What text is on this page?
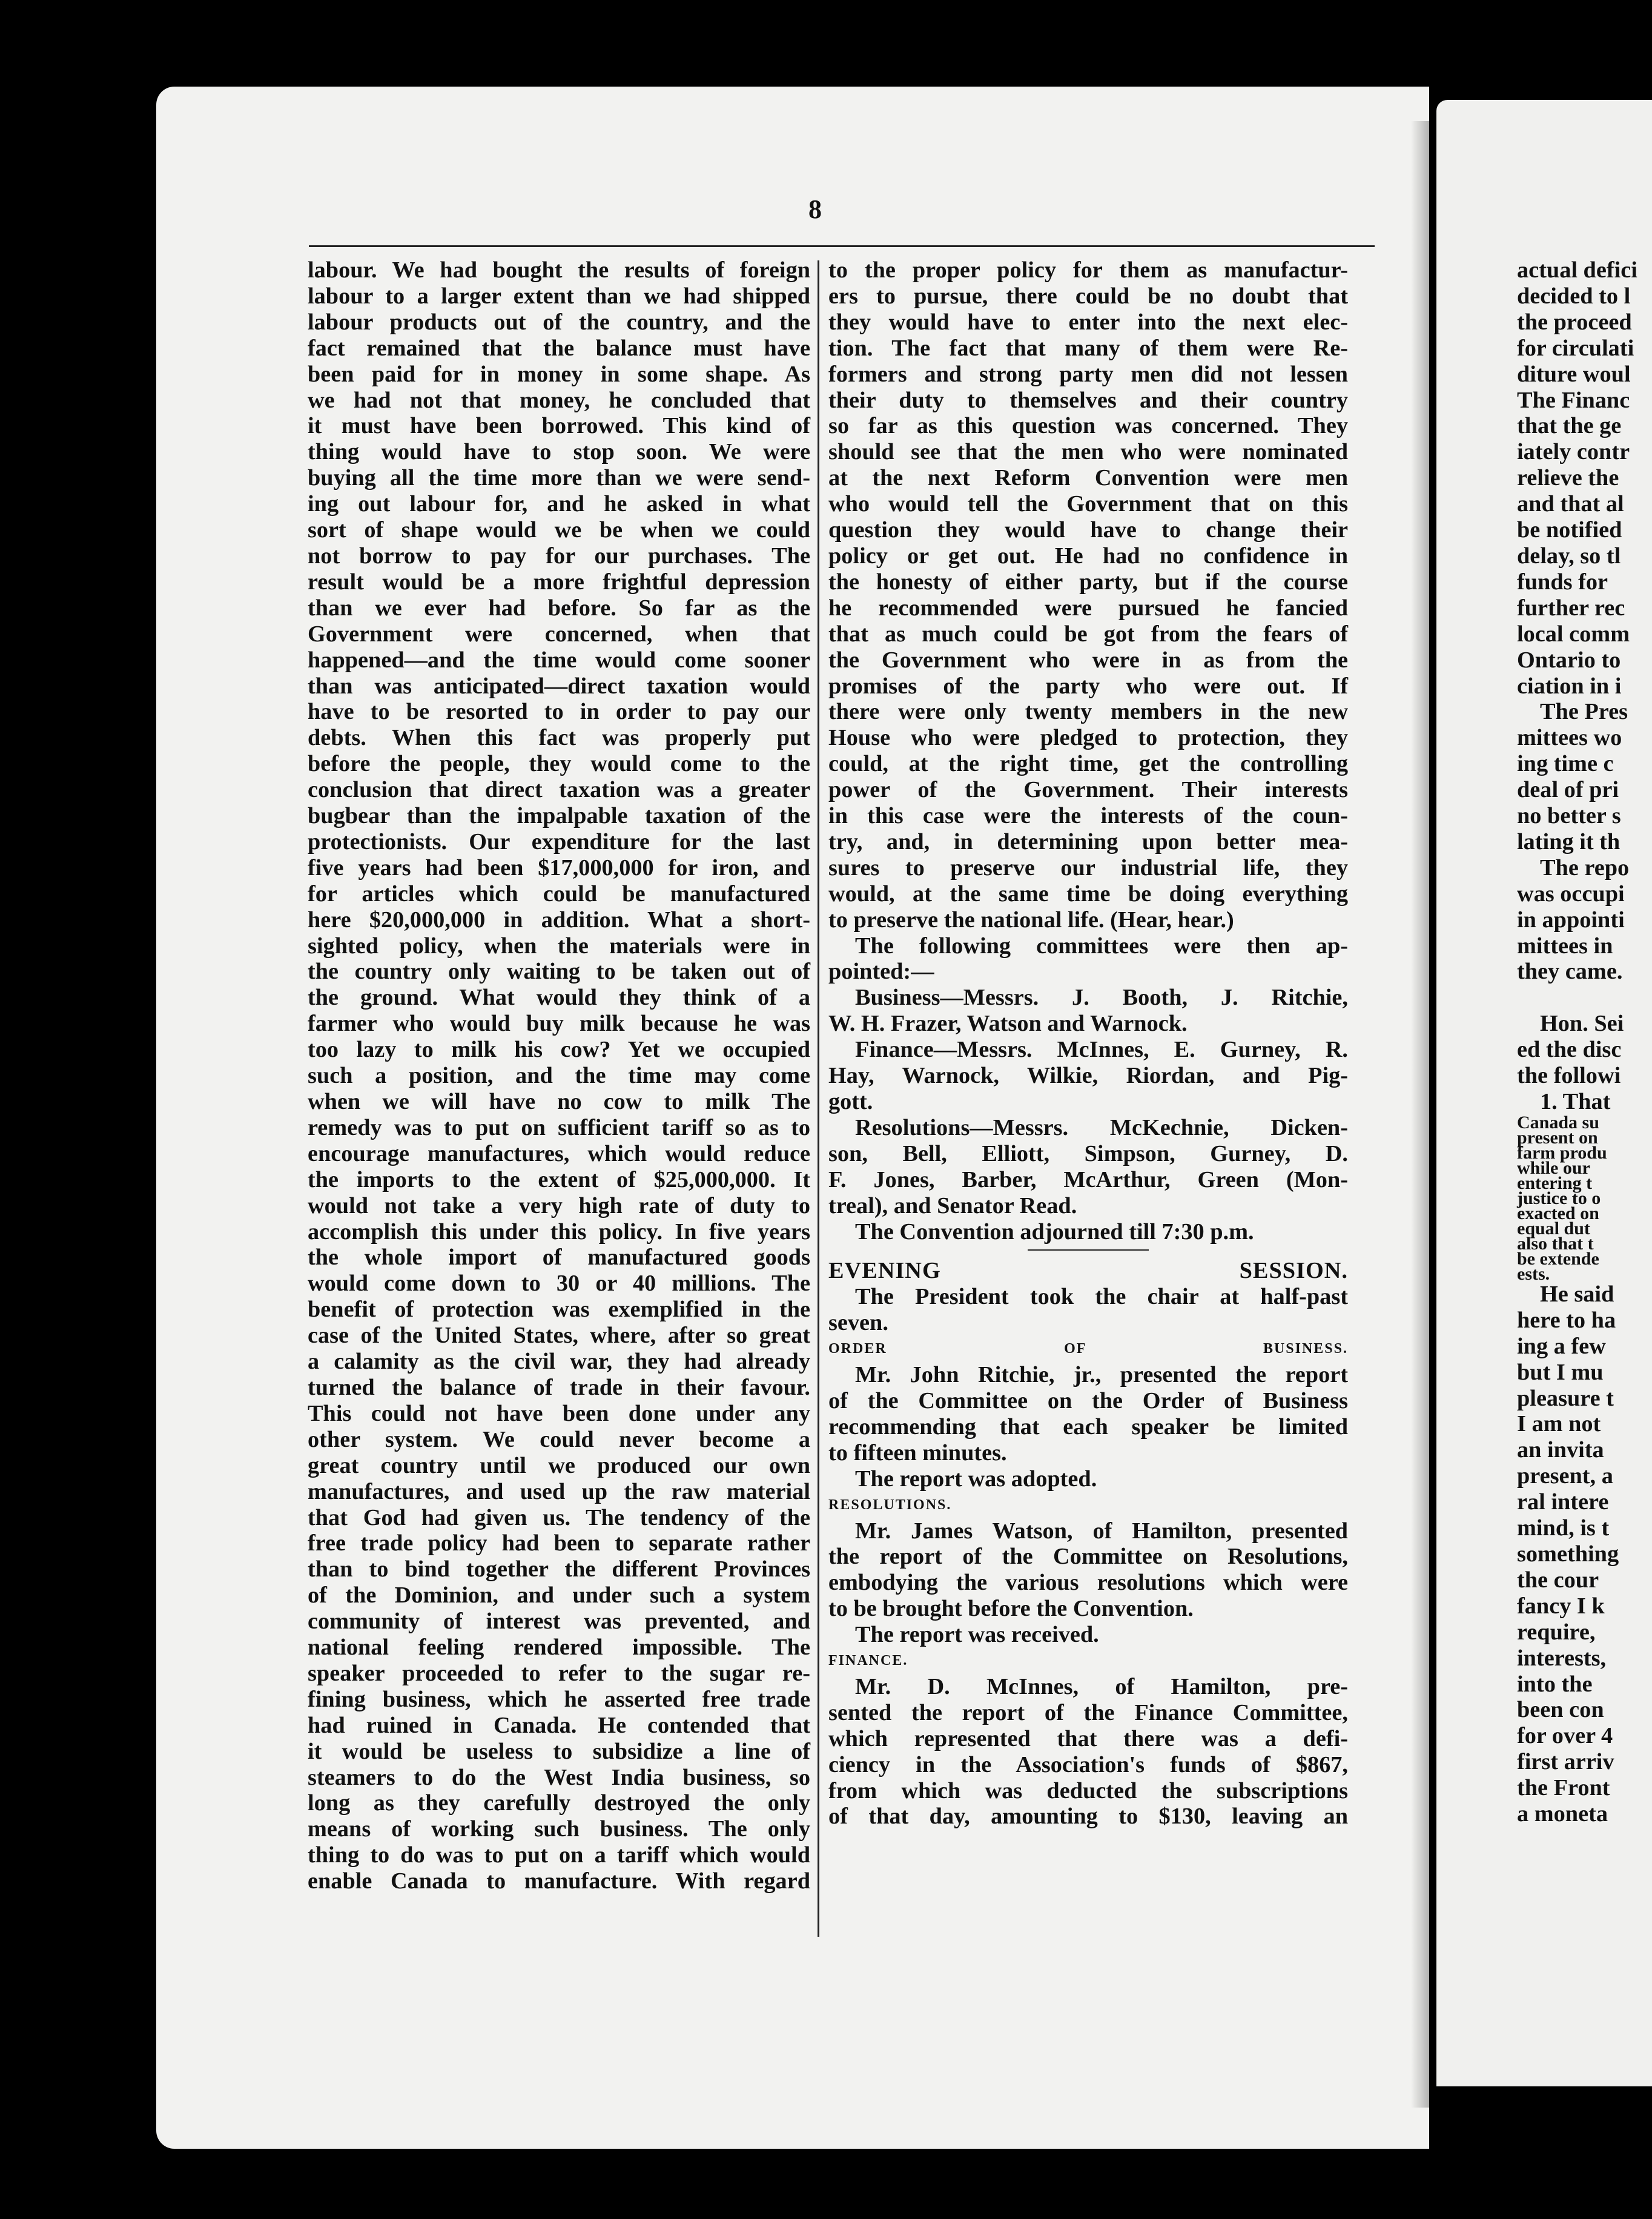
8

labour. We had bought the results of foreign

labour to a larger extent than we had shipped

labour products out of the country, and the

fact remained that the balance must have

been paid for in money in some shape. As

we had not that money, he concluded that

it must have been borrowed. This kind of

thing would have to stop soon. We were

buying all the time more than we were send-

ing out labour for, and he asked in what

sort of shape would we be when we could

not borrow to pay for our purchases. The

result would be a more frightful depression

than we ever had before. So far as the

Government were concerned, when that

happened—and the time would come sooner

than was anticipated—direct taxation would

have to be resorted to in order to pay our

debts. When this fact was properly put

before the people, they would come to the

conclusion that direct taxation was a greater

bugbear than the impalpable taxation of the

protectionists. Our expenditure for the last

five years had been $17,000,000 for iron, and

for articles which could be manufactured

here $20,000,000 in addition. What a short-

sighted policy, when the materials were in

the country only waiting to be taken out of

the ground. What would they think of a

farmer who would buy milk because he was

too lazy to milk his cow? Yet we occupied

such a position, and the time may come

when we will have no cow to milk The

remedy was to put on sufficient tariff so as to

encourage manufactures, which would reduce

the imports to the extent of $25,000,000. It

would not take a very high rate of duty to

accomplish this under this policy. In five years

the whole import of manufactured goods

would come down to 30 or 40 millions. The

benefit of protection was exemplified in the

case of the United States, where, after so great

a calamity as the civil war, they had already

turned the balance of trade in their favour.

This could not have been done under any

other system. We could never become a

great country until we produced our own

manufactures, and used up the raw material

that God had given us. The tendency of the

free trade policy had been to separate rather

than to bind together the different Provinces

of the Dominion, and under such a system

community of interest was prevented, and

national feeling rendered impossible. The

speaker proceeded to refer to the sugar re-

fining business, which he asserted free trade

had ruined in Canada. He contended that

it would be useless to subsidize a line of

steamers to do the West India business, so

long as they carefully destroyed the only

means of working such business. The only

thing to do was to put on a tariff which would

enable Canada to manufacture. With regard

to the proper policy for them as manufactur-

ers to pursue, there could be no doubt that

they would have to enter into the next elec-

tion. The fact that many of them were Re-

formers and strong party men did not lessen

their duty to themselves and their country

so far as this question was concerned. They

should see that the men who were nominated

at the next Reform Convention were men

who would tell the Government that on this

question they would have to change their

policy or get out. He had no confidence in

the honesty of either party, but if the course

he recommended were pursued he fancied

that as much could be got from the fears of

the Government who were in as from the

promises of the party who were out. If

there were only twenty members in the new

House who were pledged to protection, they

could, at the right time, get the controlling

power of the Government. Their interests

in this case were the interests of the coun-

try, and, in determining upon better mea-

sures to preserve our industrial life, they

would, at the same time be doing everything

to preserve the national life. (Hear, hear.)

The following committees were then ap-

pointed:—

Business—Messrs. J. Booth, J. Ritchie,

W. H. Frazer, Watson and Warnock.

Finance—Messrs. McInnes, E. Gurney, R.

Hay, Warnock, Wilkie, Riordan, and Pig-

gott.

Resolutions—Messrs. McKechnie, Dicken-

son, Bell, Elliott, Simpson, Gurney, D.

F. Jones, Barber, McArthur, Green (Mon-

treal), and Senator Read.

The Convention adjourned till 7:30 p.m.

EVENING SESSION.

The President took the chair at half-past

seven.

ORDER OF BUSINESS.

Mr. John Ritchie, jr., presented the report

of the Committee on the Order of Business

recommending that each speaker be limited

to fifteen minutes.

The report was adopted.

RESOLUTIONS.

Mr. James Watson, of Hamilton, presented

the report of the Committee on Resolutions,

embodying the various resolutions which were

to be brought before the Convention.

The report was received.

FINANCE.

Mr. D. McInnes, of Hamilton, pre-

sented the report of the Finance Committee,

which represented that there was a defi-

ciency in the Association's funds of $867,

from which was deducted the subscriptions

of that day, amounting to $130, leaving an

actual defici

decided to l

the proceed

for circulati

diture woul

The Financ

that the ge

iately contr

relieve the

and that al

be notified

delay, so tl

funds for

further rec

local comm

Ontario to

ciation in i

The Pres

mittees wo

ing time c

deal of pri

no better s

lating it th

The repo

was occupi

in appointi

mittees in

they came.

Hon. Sei

ed the disc

the followi

1. That

Canada su

present on

farm produ

while our

entering t

justice to o

exacted on

equal dut

also that t

be extende

ests.

He said

here to ha

ing a few

but I mu

pleasure t

I am not

an invita

present, a

ral intere

mind, is t

something

the cour

fancy I k

require,

interests,

into the

been con

for over 4

first arriv

the Front

a moneta
